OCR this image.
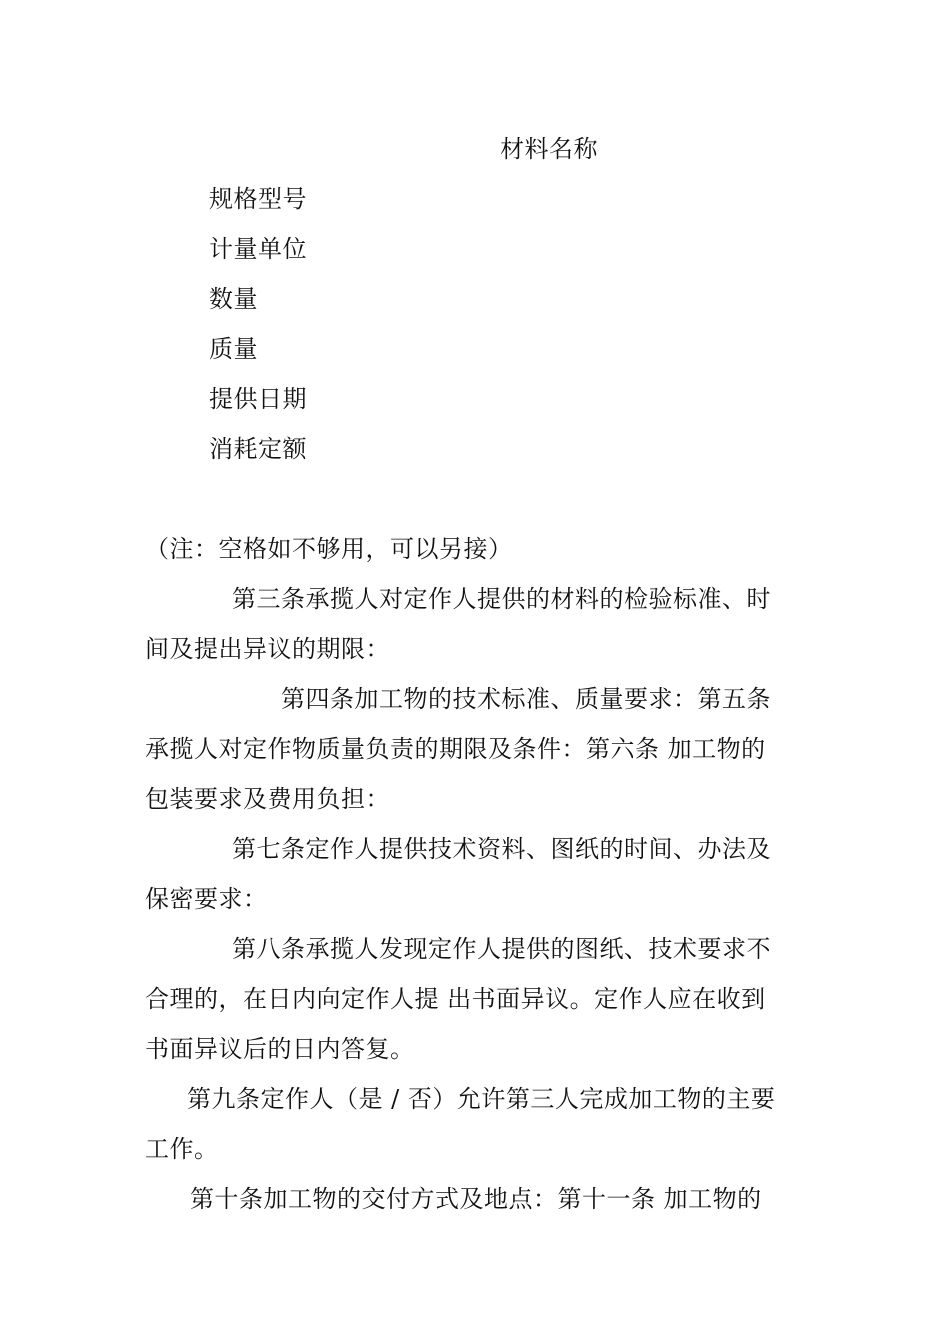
材料名称
规格型号
计量单位
数量
质量
提供日期
消耗定额
（注：空格如不够用，可以另接）
第三条承揽人对定作人提供的材料的检验标准、时
间及提出异议的期限：
第四条加工物的技术标准、质量要求：第五条
承揽人对定作物质量负责的期限及条件：第六条 加工物的
包装要求及费用负担：
第七条定作人提供技术资料、图纸的时间、办法及
保密要求：
第八条承揽人发现定作人提供的图纸、技术要求不
合理的，在日内向定作人提 出书面异议。定作人应在收到
书面异议后的日内答复。
第九条定作人（是 / 否）允许第三人完成加工物的主要
工作。
第十条加工物的交付方式及地点：第十一条 加工物的
